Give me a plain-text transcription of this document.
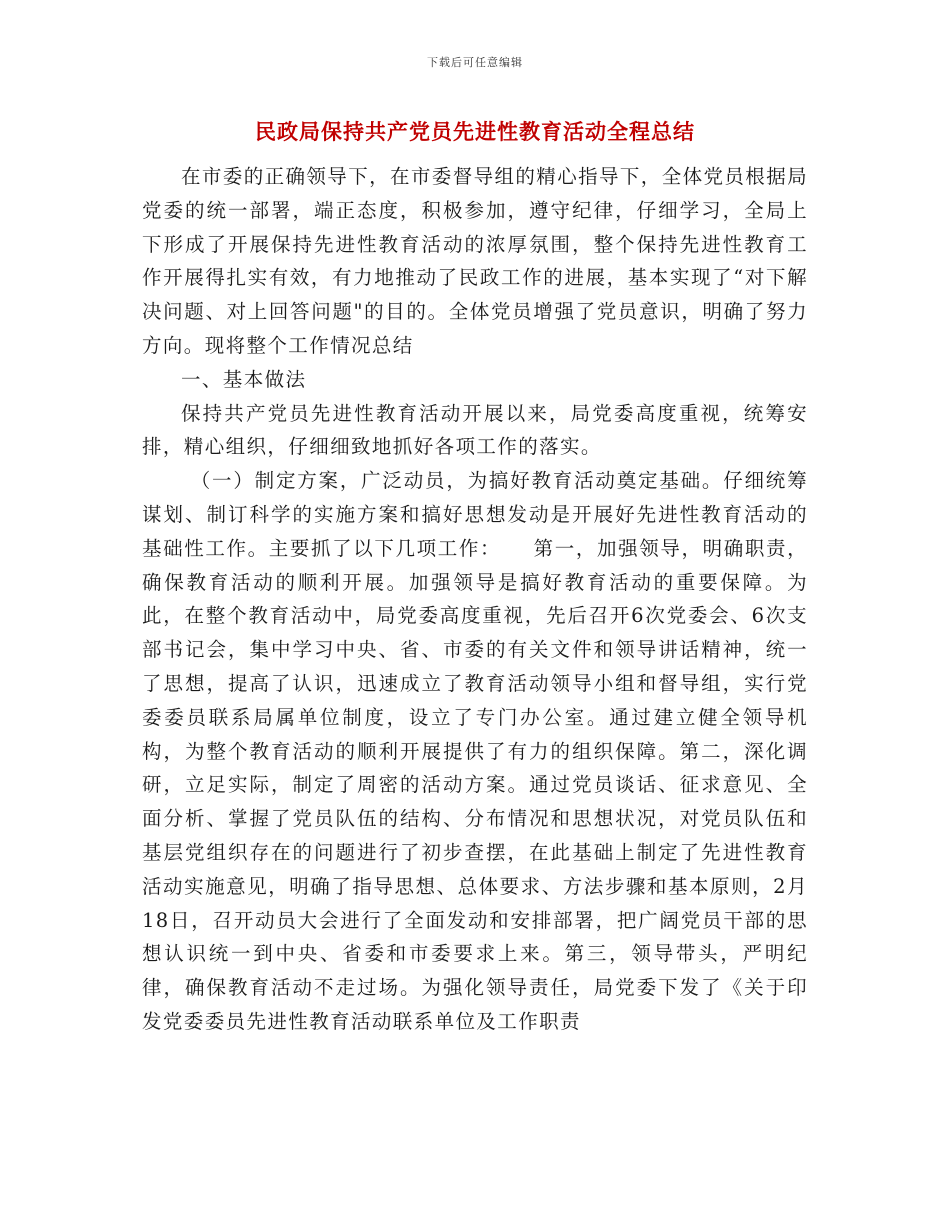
下载后可任意编辑
民政局保持共产党员先进性教育活动全程总结

在市委的正确领导下，在市委督导组的精心指导下，全体党员根据局党委的统一部署，端正态度，积极参加，遵守纪律，仔细学习，全局上下形成了开展保持先进性教育活动的浓厚氛围，整个保持先进性教育工作开展得扎实有效，有力地推动了民政工作的进展，基本实现了“对下解决问题、对上回答问题"的目的。全体党员增强了党员意识，明确了努力方向。现将整个工作情况总结

一、基本做法

保持共产党员先进性教育活动开展以来，局党委高度重视，统筹安排，精心组织，仔细细致地抓好各项工作的落实。

（一）制定方案，广泛动员，为搞好教育活动奠定基础。仔细统筹谋划、制订科学的实施方案和搞好思想发动是开展好先进性教育活动的基础性工作。主要抓了以下几项工作：　　第一，加强领导，明确职责，确保教育活动的顺利开展。加强领导是搞好教育活动的重要保障。为此，在整个教育活动中，局党委高度重视，先后召开6次党委会、6次支部书记会，集中学习中央、省、市委的有关文件和领导讲话精神，统一了思想，提高了认识，迅速成立了教育活动领导小组和督导组，实行党委委员联系局属单位制度，设立了专门办公室。通过建立健全领导机构，为整个教育活动的顺利开展提供了有力的组织保障。第二，深化调研，立足实际，制定了周密的活动方案。通过党员谈话、征求意见、全面分析、掌握了党员队伍的结构、分布情况和思想状况，对党员队伍和基层党组织存在的问题进行了初步查摆，在此基础上制定了先进性教育活动实施意见，明确了指导思想、总体要求、方法步骤和基本原则，2月18日，召开动员大会进行了全面发动和安排部署，把广阔党员干部的思想认识统一到中央、省委和市委要求上来。第三，领导带头，严明纪律，确保教育活动不走过场。为强化领导责任，局党委下发了《关于印发党委委员先进性教育活动联系单位及工作职责
